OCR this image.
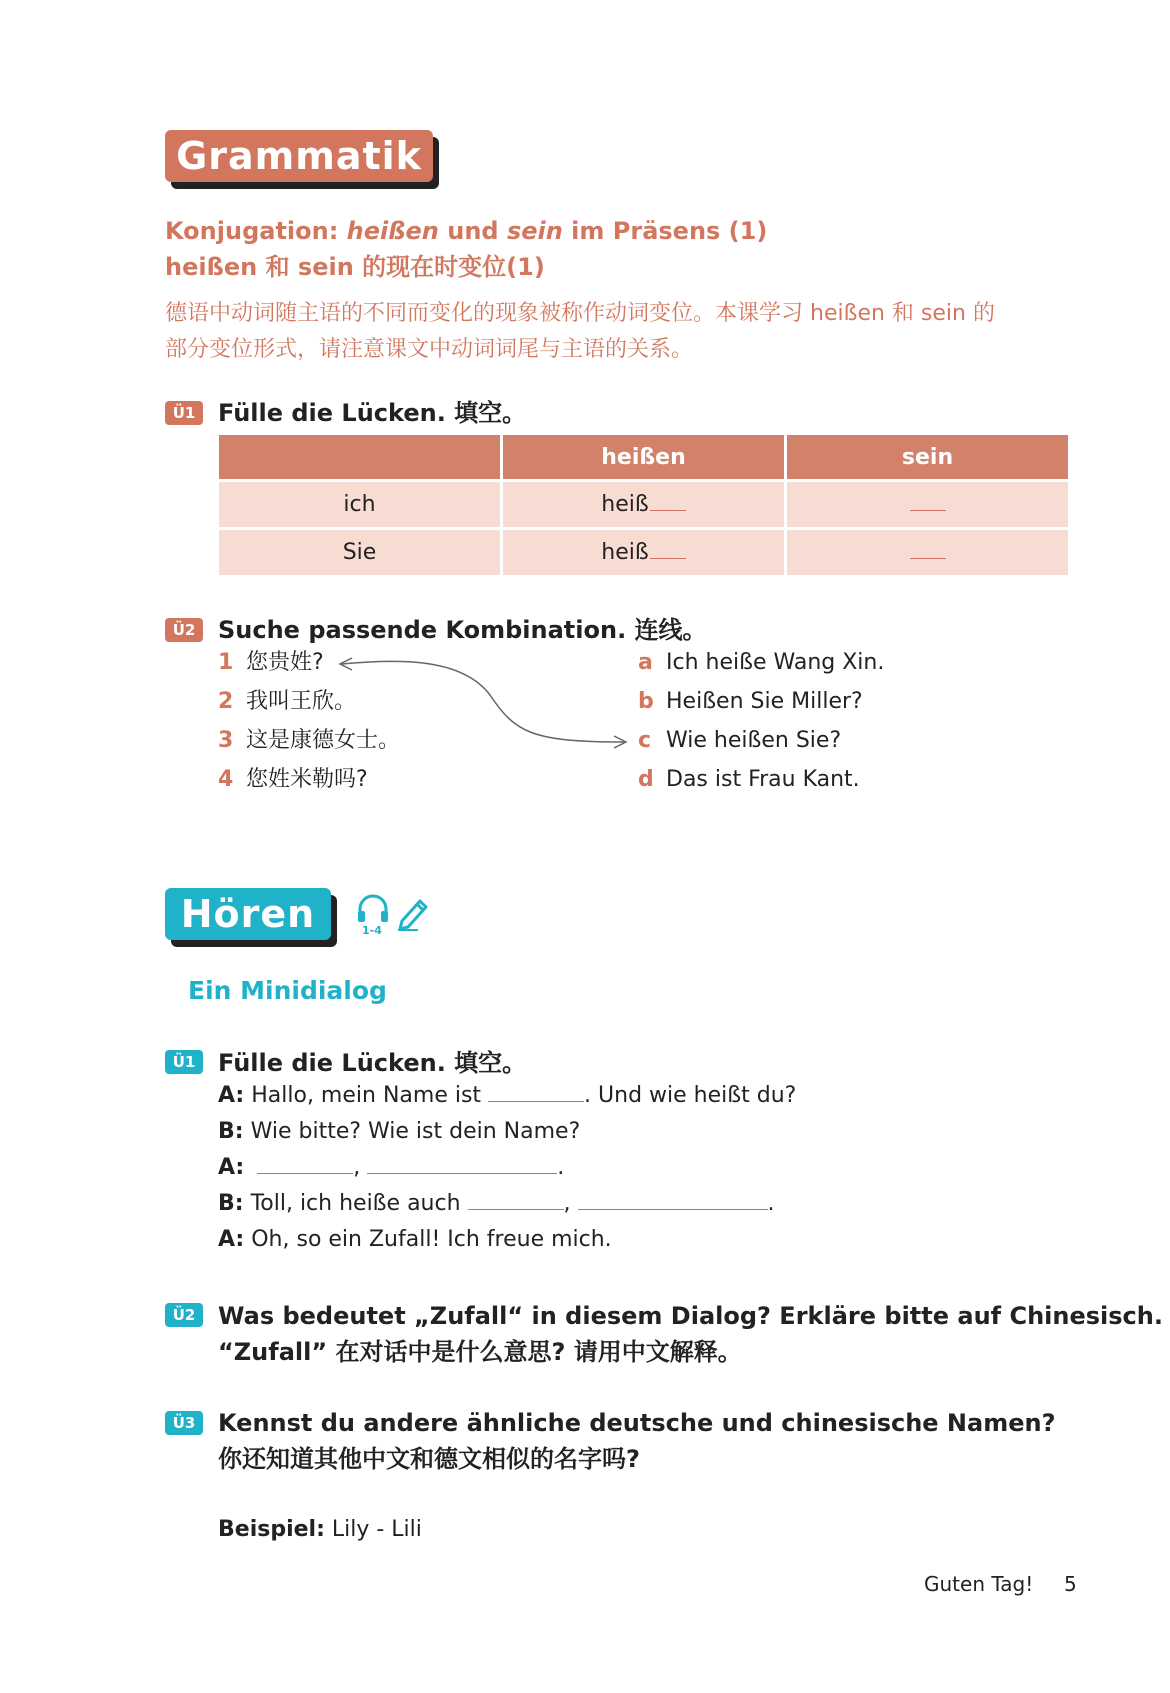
Grammatik
Konjugation: heißen und sein im Präsens (1)
heißen 和 sein 的现在时变位(1)
德语中动词随主语的不同而变化的现象被称作动词变位。本课学习 heißen 和 sein 的
部分变位形式，请注意课文中动词词尾与主语的关系。
Ü1 Fülle die Lücken. 填空。
	heißen	sein
ich	heiß	
Sie	heiß	
Ü2 Suche passende Kombination. 连线。
1 您贵姓?
2 我叫王欣。
3 这是康德女士。
4 您姓米勒吗?
a Ich heiße Wang Xin.
b Heißen Sie Miller?
c Wie heißen Sie?
d Das ist Frau Kant.
Hören	1-4
Ein Minidialog
Ü1 Fülle die Lücken. 填空。
A: Hallo, mein Name ist	. Und wie heißt du?
B: Wie bitte? Wie ist dein Name?
A:	,	.
B: Toll, ich heiße auch	,	.
A: Oh, so ein Zufall! Ich freue mich.
Ü2 Was bedeutet „Zufall“ in diesem Dialog? Erkläre bitte auf Chinesisch.
“Zufall” 在对话中是什么意思? 请用中文解释。
Ü3 Kennst du andere ähnliche deutsche und chinesische Namen?
你还知道其他中文和德文相似的名字吗?
Beispiel: Lily - Lili
Guten Tag! 5
